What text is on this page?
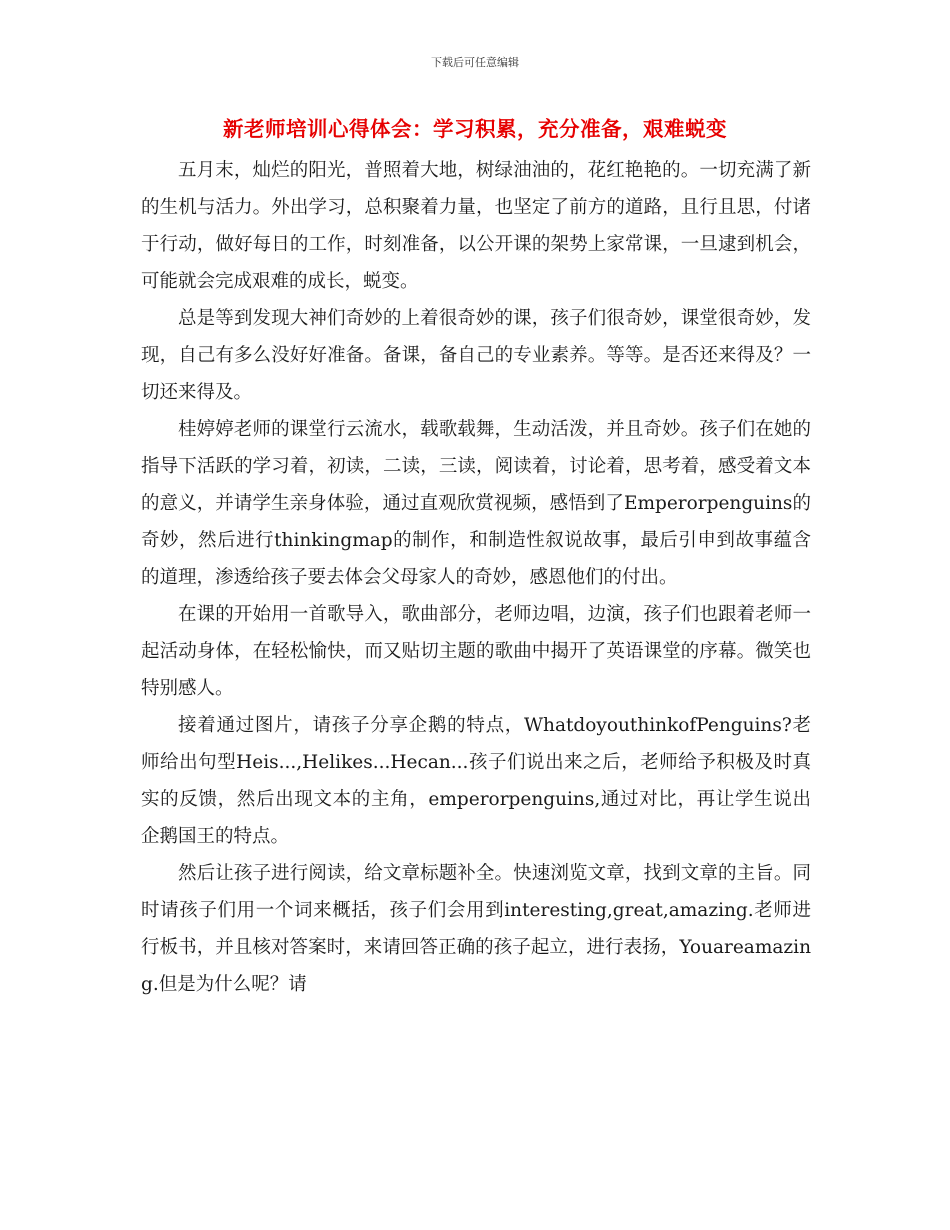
下载后可任意编辑
新老师培训心得体会：学习积累，充分准备，艰难蜕变

五月末，灿烂的阳光，普照着大地，树绿油油的，花红艳艳的。一切充满了新的生机与活力。外出学习，总积聚着力量，也坚定了前方的道路，且行且思，付诸于行动，做好每日的工作，时刻准备，以公开课的架势上家常课，一旦逮到机会，可能就会完成艰难的成长，蜕变。

总是等到发现大神们奇妙的上着很奇妙的课，孩子们很奇妙，课堂很奇妙，发现，自己有多么没好好准备。备课，备自己的专业素养。等等。是否还来得及？一切还来得及。

桂婷婷老师的课堂行云流水，载歌载舞，生动活泼，并且奇妙。孩子们在她的指导下活跃的学习着，初读，二读，三读，阅读着，讨论着，思考着，感受着文本的意义，并请学生亲身体验，通过直观欣赏视频，感悟到了Emperorpenguins的奇妙，然后进行thinkingmap的制作，和制造性叙说故事，最后引申到故事蕴含的道理，渗透给孩子要去体会父母家人的奇妙，感恩他们的付出。

在课的开始用一首歌导入，歌曲部分，老师边唱，边演，孩子们也跟着老师一起活动身体，在轻松愉快，而又贴切主题的歌曲中揭开了英语课堂的序幕。微笑也特别感人。

接着通过图片，请孩子分享企鹅的特点，WhatdoyouthinkofPenguins?老师给出句型Heis...,Helikes...Hecan...孩子们说出来之后，老师给予积极及时真实的反馈，然后出现文本的主角，emperorpenguins,通过对比，再让学生说出企鹅国王的特点。

然后让孩子进行阅读，给文章标题补全。快速浏览文章，找到文章的主旨。同时请孩子们用一个词来概括，孩子们会用到interesting,great,amazing.老师进行板书，并且核对答案时，来请回答正确的孩子起立，进行表扬，Youareamazing.但是为什么呢？请
